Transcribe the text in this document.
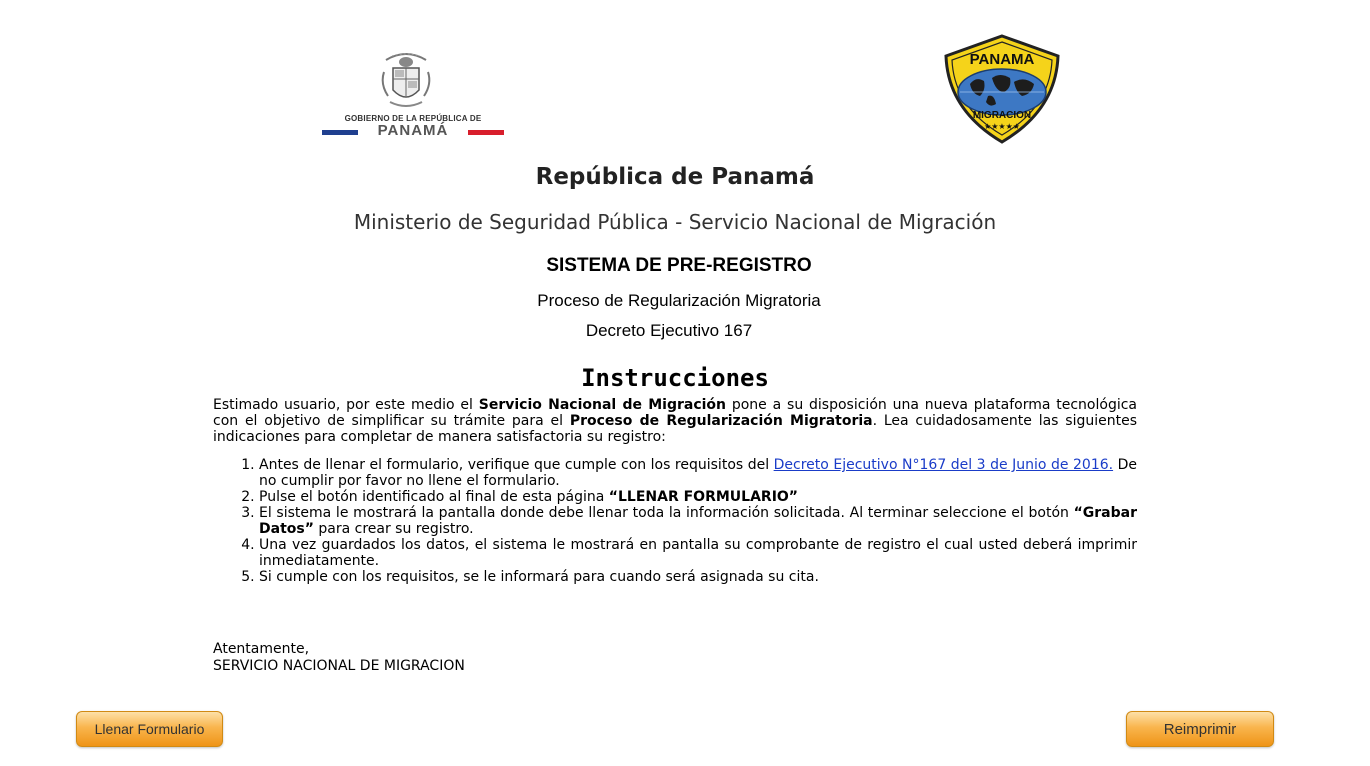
GOBIERNO DE LA REPÚBLICA DE
PANAMÁ
PANAMA
MIGRACION
★★★★★
República de Panamá
Ministerio de Seguridad Pública - Servicio Nacional de Migración
SISTEMA DE PRE-REGISTRO
Proceso de Regularización Migratoria
Decreto Ejecutivo 167
Instrucciones

Estimado usuario, por este medio el Servicio Nacional de Migración pone a su disposición una nueva plataforma tecnológica con el objetivo de simplificar su trámite para el Proceso de Regularización Migratoria. Lea cuidadosamente las siguientes indicaciones para completar de manera satisfactoria su registro:

1. Antes de llenar el formulario, verifique que cumple con los requisitos del Decreto Ejecutivo N°167 del 3 de Junio de 2016. De no cumplir por favor no llene el formulario.
2. Pulse el botón identificado al final de esta página “LLENAR FORMULARIO”
3. El sistema le mostrará la pantalla donde debe llenar toda la información solicitada. Al terminar seleccione el botón “Grabar Datos” para crear su registro.
4. Una vez guardados los datos, el sistema le mostrará en pantalla su comprobante de registro el cual usted deberá imprimir inmediatamente.
5. Si cumple con los requisitos, se le informará para cuando será asignada su cita.
Atentamente,
SERVICIO NACIONAL DE MIGRACION
Llenar Formulario	Reimprimir
